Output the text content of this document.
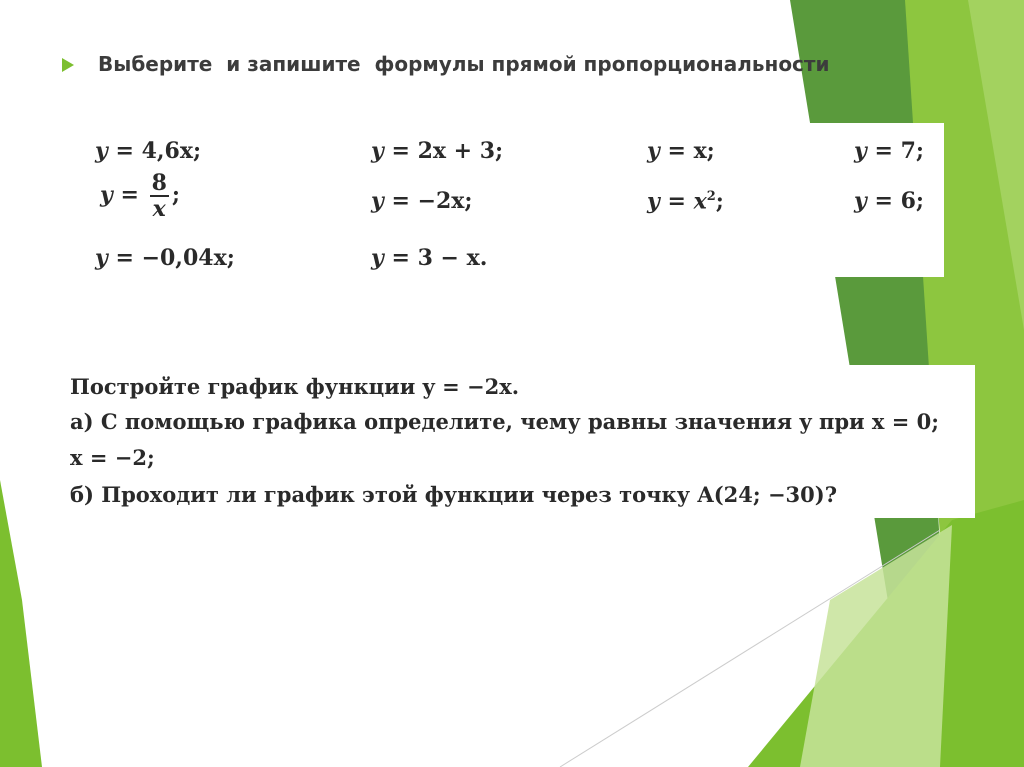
Выберите  и запишите  формулы прямой пропорциональности
y = 4,6x;	y = 2x + 3;	y = x;	y = 7;
$y = \frac{8}{x}$ ;	y = −2x;	$y = x^2$;	y = 6;
y = −0,04x;	y = 3 − x.
Постройте график функции y = −2x.
а) С помощью графика определите, чему равны значения y при x = 0;
x = −2;
б) Проходит ли график этой функции через точку A(24; −30)?
